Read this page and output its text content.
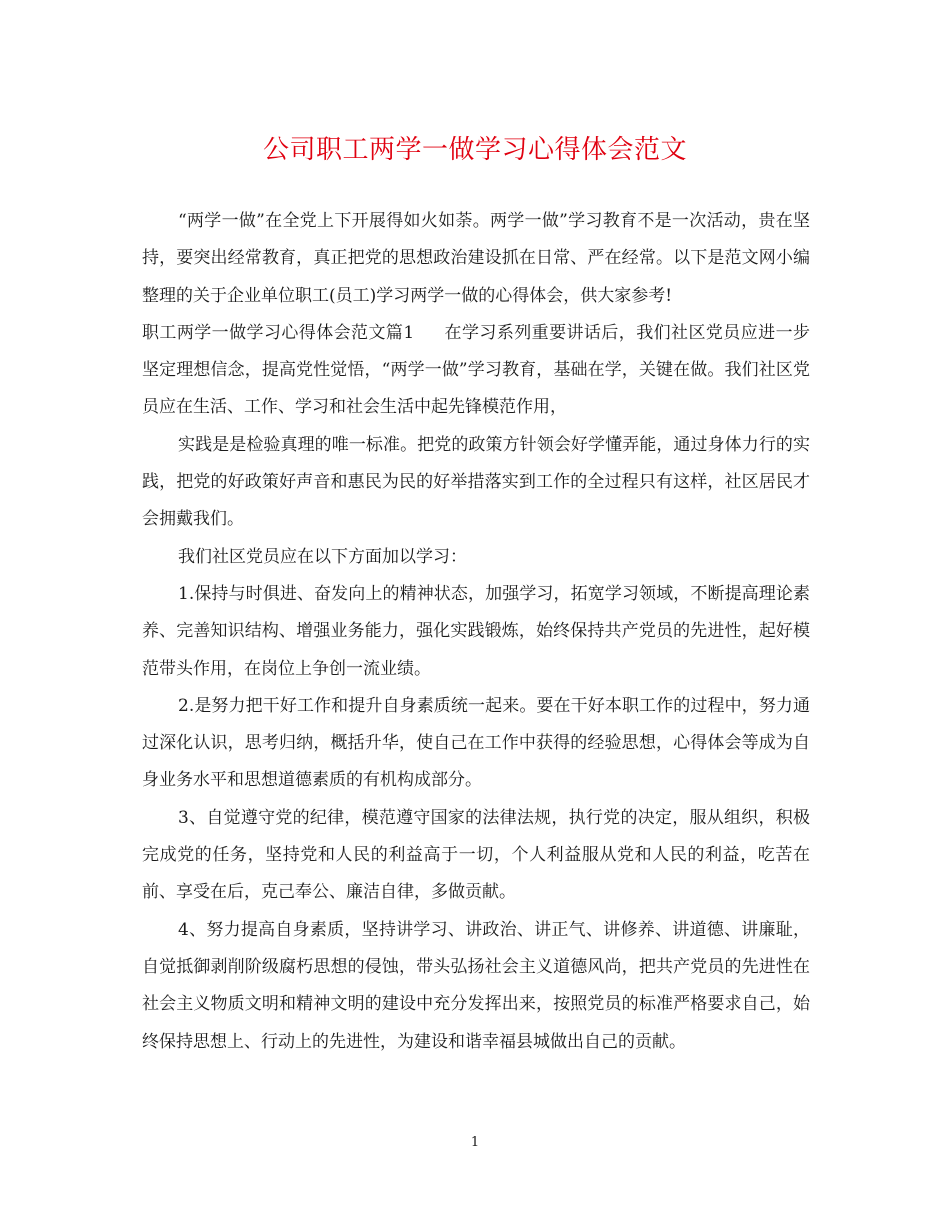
公司职工两学一做学习心得体会范文

“两学一做”在全党上下开展得如火如荼。两学一做”学习教育不是一次活动，贵在坚持，要突出经常教育，真正把党的思想政治建设抓在日常、严在经常。以下是范文网小编整理的关于企业单位职工(员工)学习两学一做的心得体会，供大家参考!

职工两学一做学习心得体会范文篇1 在学习系列重要讲话后，我们社区党员应进一步坚定理想信念，提高党性觉悟，“两学一做”学习教育，基础在学，关键在做。我们社区党员应在生活、工作、学习和社会生活中起先锋模范作用，

实践是是检验真理的唯一标准。把党的政策方针领会好学懂弄能，通过身体力行的实践，把党的好政策好声音和惠民为民的好举措落实到工作的全过程只有这样，社区居民才会拥戴我们。

我们社区党员应在以下方面加以学习：

1.保持与时俱进、奋发向上的精神状态，加强学习，拓宽学习领域，不断提高理论素养、完善知识结构、增强业务能力，强化实践锻炼，始终保持共产党员的先进性，起好模范带头作用，在岗位上争创一流业绩。

2.是努力把干好工作和提升自身素质统一起来。要在干好本职工作的过程中，努力通过深化认识，思考归纳，概括升华，使自己在工作中获得的经验思想，心得体会等成为自身业务水平和思想道德素质的有机构成部分。

3、自觉遵守党的纪律，模范遵守国家的法律法规，执行党的决定，服从组织，积极完成党的任务，坚持党和人民的利益高于一切，个人利益服从党和人民的利益，吃苦在前、享受在后，克己奉公、廉洁自律，多做贡献。

4、努力提高自身素质，坚持讲学习、讲政治、讲正气、讲修养、讲道德、讲廉耻，自觉抵御剥削阶级腐朽思想的侵蚀，带头弘扬社会主义道德风尚，把共产党员的先进性在社会主义物质文明和精神文明的建设中充分发挥出来，按照党员的标准严格要求自己，始终保持思想上、行动上的先进性，为建设和谐幸福县城做出自己的贡献。

1
